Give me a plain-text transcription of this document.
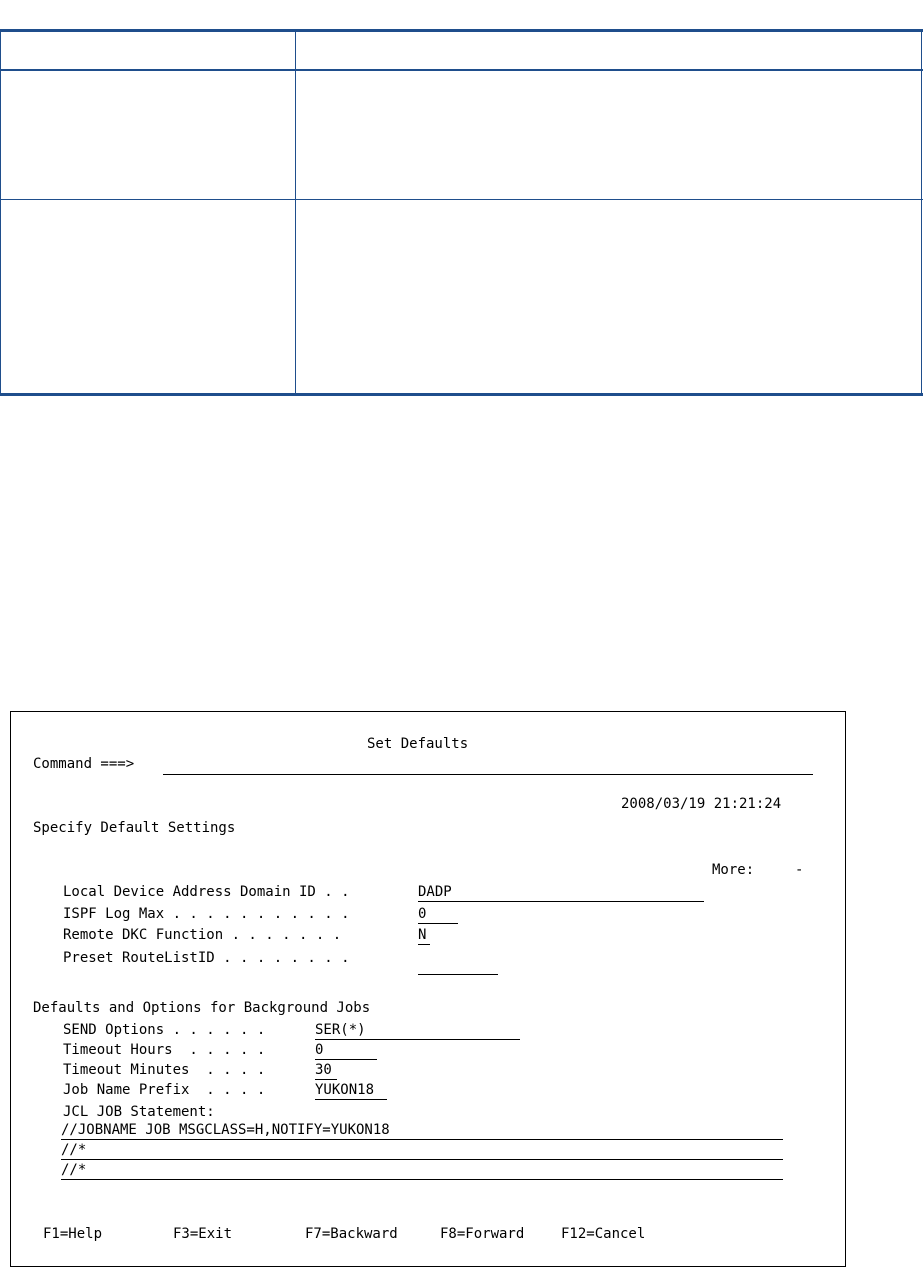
Set Defaults
Command ===>
2008/03/19 21:21:24
Specify Default Settings
More:	-
Local Device Address Domain ID . .	DADP
ISPF Log Max . . . . . . . . . . .	0
Remote DKC Function . . . . . . .	N
Preset RouteListID . . . . . . . .
Defaults and Options for Background Jobs
SEND Options . . . . . .	SER(*)
Timeout Hours  . . . . .	0
Timeout Minutes  . . . .	30
Job Name Prefix  . . . .	YUKON18
JCL JOB Statement:
//JOBNAME JOB MSGCLASS=H,NOTIFY=YUKON18
//*
//*
F1=Help	F3=Exit	F7=Backward	F8=Forward	F12=Cancel
